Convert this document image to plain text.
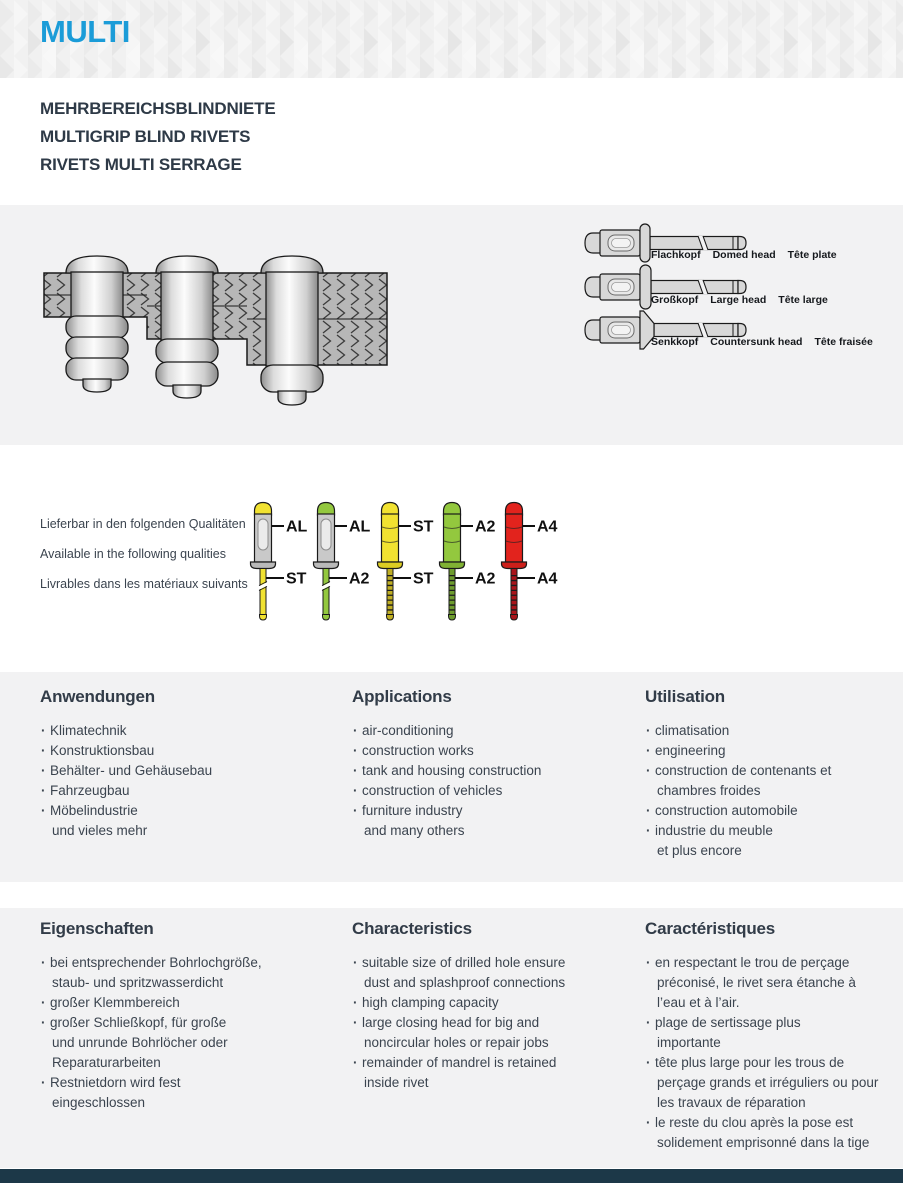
MULTI
MEHRBEREICHSBLINDNIETE
MULTIGRIP BLIND RIVETS
RIVETS MULTI SERRAGE
Flachkopf Domed head Tête plate
Großkopf Large head Tête large
Senkkopf Countersunk head Tête fraisée
Lieferbar in den folgenden Qualitäten
Available in the following qualities
Livrables dans les matériaux suivants
AL
ST
AL
A2
ST
ST
A2
A2
A4
A4
Anwendungen
· Klimatechnik
· Konstruktionsbau
· Behälter- und Gehäusebau
· Fahrzeugbau
· Möbelindustrie
und vieles mehr
Applications
· air-conditioning
· construction works
· tank and housing construction
· construction of vehicles
· furniture industry
and many others
Utilisation
· climatisation
· engineering
· construction de contenants et
chambres froides
· construction automobile
· industrie du meuble
et plus encore
Eigenschaften
· bei entsprechender Bohrlochgröße,
staub- und spritzwasserdicht
· großer Klemmbereich
· großer Schließkopf, für große
und unrunde Bohrlöcher oder
Reparaturarbeiten
· Restnietdorn wird fest
eingeschlossen
Characteristics
· suitable size of drilled hole ensure
dust and splashproof connections
· high clamping capacity
· large closing head for big and
noncircular holes or repair jobs
· remainder of mandrel is retained
inside rivet
Caractéristiques
· en respectant le trou de perçage
préconisé, le rivet sera étanche à
l’eau et à l’air.
· plage de sertissage plus
importante
· tête plus large pour les trous de
perçage grands et irréguliers ou pour
les travaux de réparation
· le reste du clou après la pose est
solidement emprisonné dans la tige
